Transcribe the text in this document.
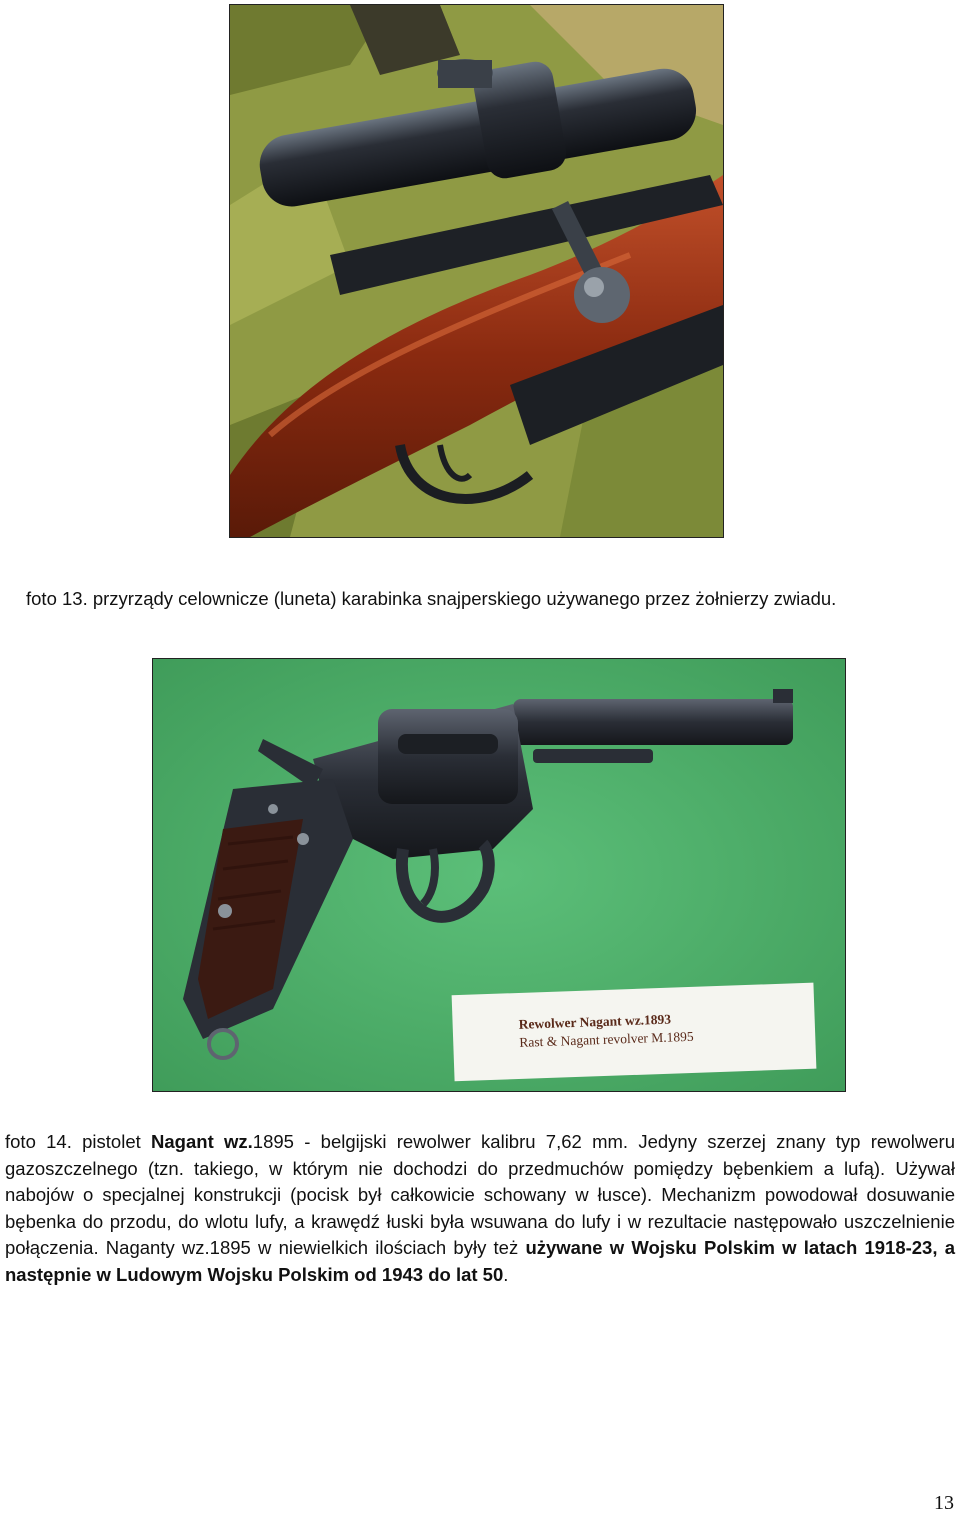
foto 13. przyrządy celownicze (luneta) karabinka snajperskiego używanego przez żołnierzy zwiadu.
Rewolwer Nagant wz.1893
Rast & Nagant revolver M.1895
foto 14. pistolet Nagant wz.1895 - belgijski rewolwer kalibru 7,62 mm. Jedyny szerzej znany typ rewolweru gazoszczelnego (tzn. takiego, w którym nie dochodzi do przedmuchów pomiędzy bębenkiem a lufą). Używał nabojów o specjalnej konstrukcji (pocisk był całkowicie schowany w łusce). Mechanizm powodował dosuwanie bębenka do przodu, do wlotu lufy, a krawędź łuski była wsuwana do lufy i w rezultacie następowało uszczelnienie połączenia. Naganty wz.1895 w niewielkich ilościach były też używane w Wojsku Polskim w latach 1918-23, a następnie w Ludowym Wojsku Polskim od 1943 do lat 50.
13
